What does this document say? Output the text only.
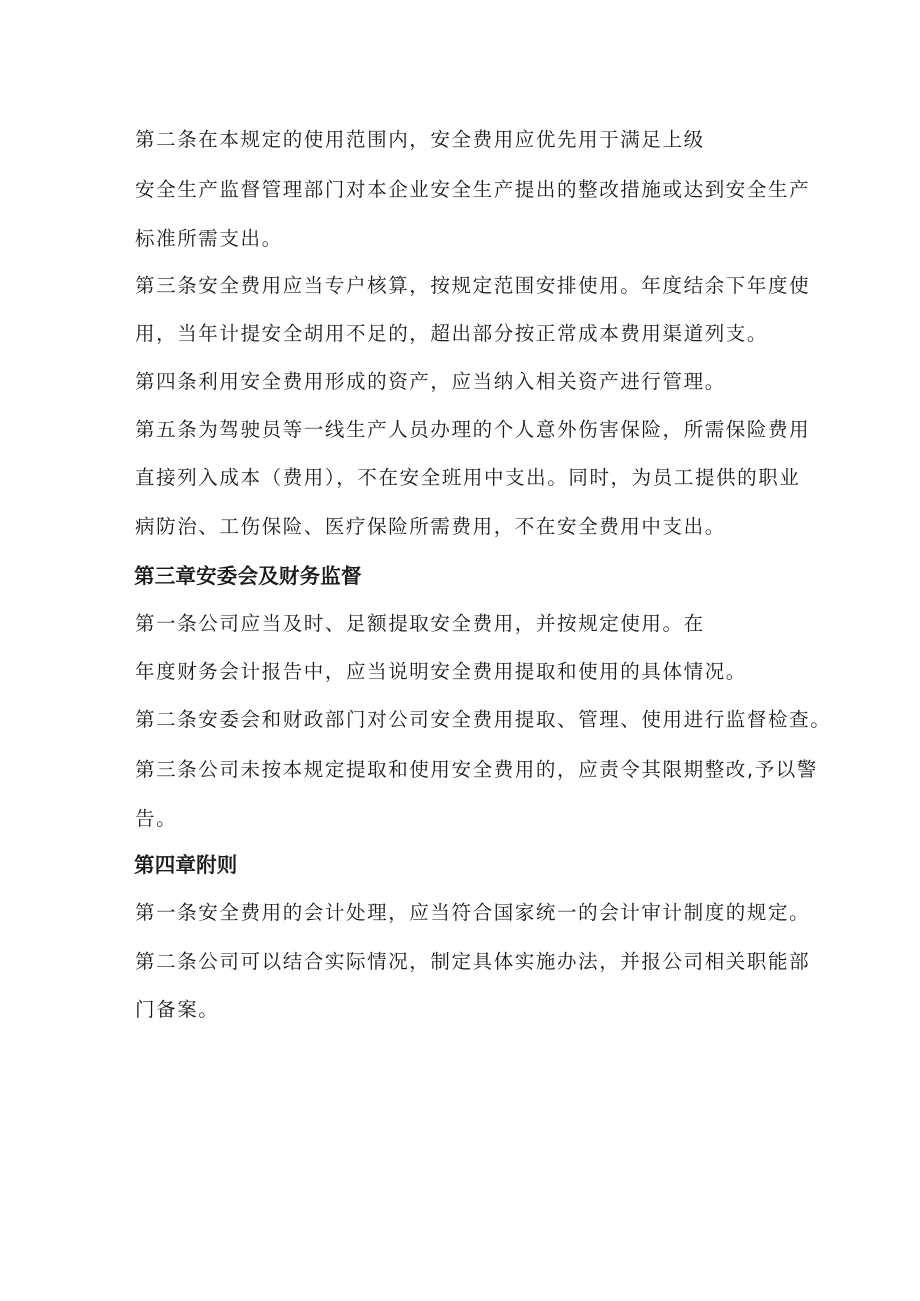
第二条在本规定的使用范围内，安全费用应优先用于满足上级

安全生产监督管理部门对本企业安全生产提出的整改措施或达到安全生产

标准所需支出。

第三条安全费用应当专户核算，按规定范围安排使用。年度结余下年度使

用，当年计提安全胡用不足的，超出部分按正常成本费用渠道列支。

第四条利用安全费用形成的资产，应当纳入相关资产进行管理。

第五条为驾驶员等一线生产人员办理的个人意外伤害保险，所需保险费用

直接列入成本（费用），不在安全班用中支出。同时，为员工提供的职业

病防治、工伤保险、医疗保险所需费用，不在安全费用中支出。

第三章安委会及财务监督

第一条公司应当及时、足额提取安全费用，并按规定使用。在

年度财务会计报告中，应当说明安全费用提取和使用的具体情况。

第二条安委会和财政部门对公司安全费用提取、管理、使用进行监督检查。

第三条公司未按本规定提取和使用安全费用的，应责令其限期整改,予以警

告。

第四章附则

第一条安全费用的会计处理，应当符合国家统一的会计审计制度的规定。

第二条公司可以结合实际情况，制定具体实施办法，并报公司相关职能部

门备案。
